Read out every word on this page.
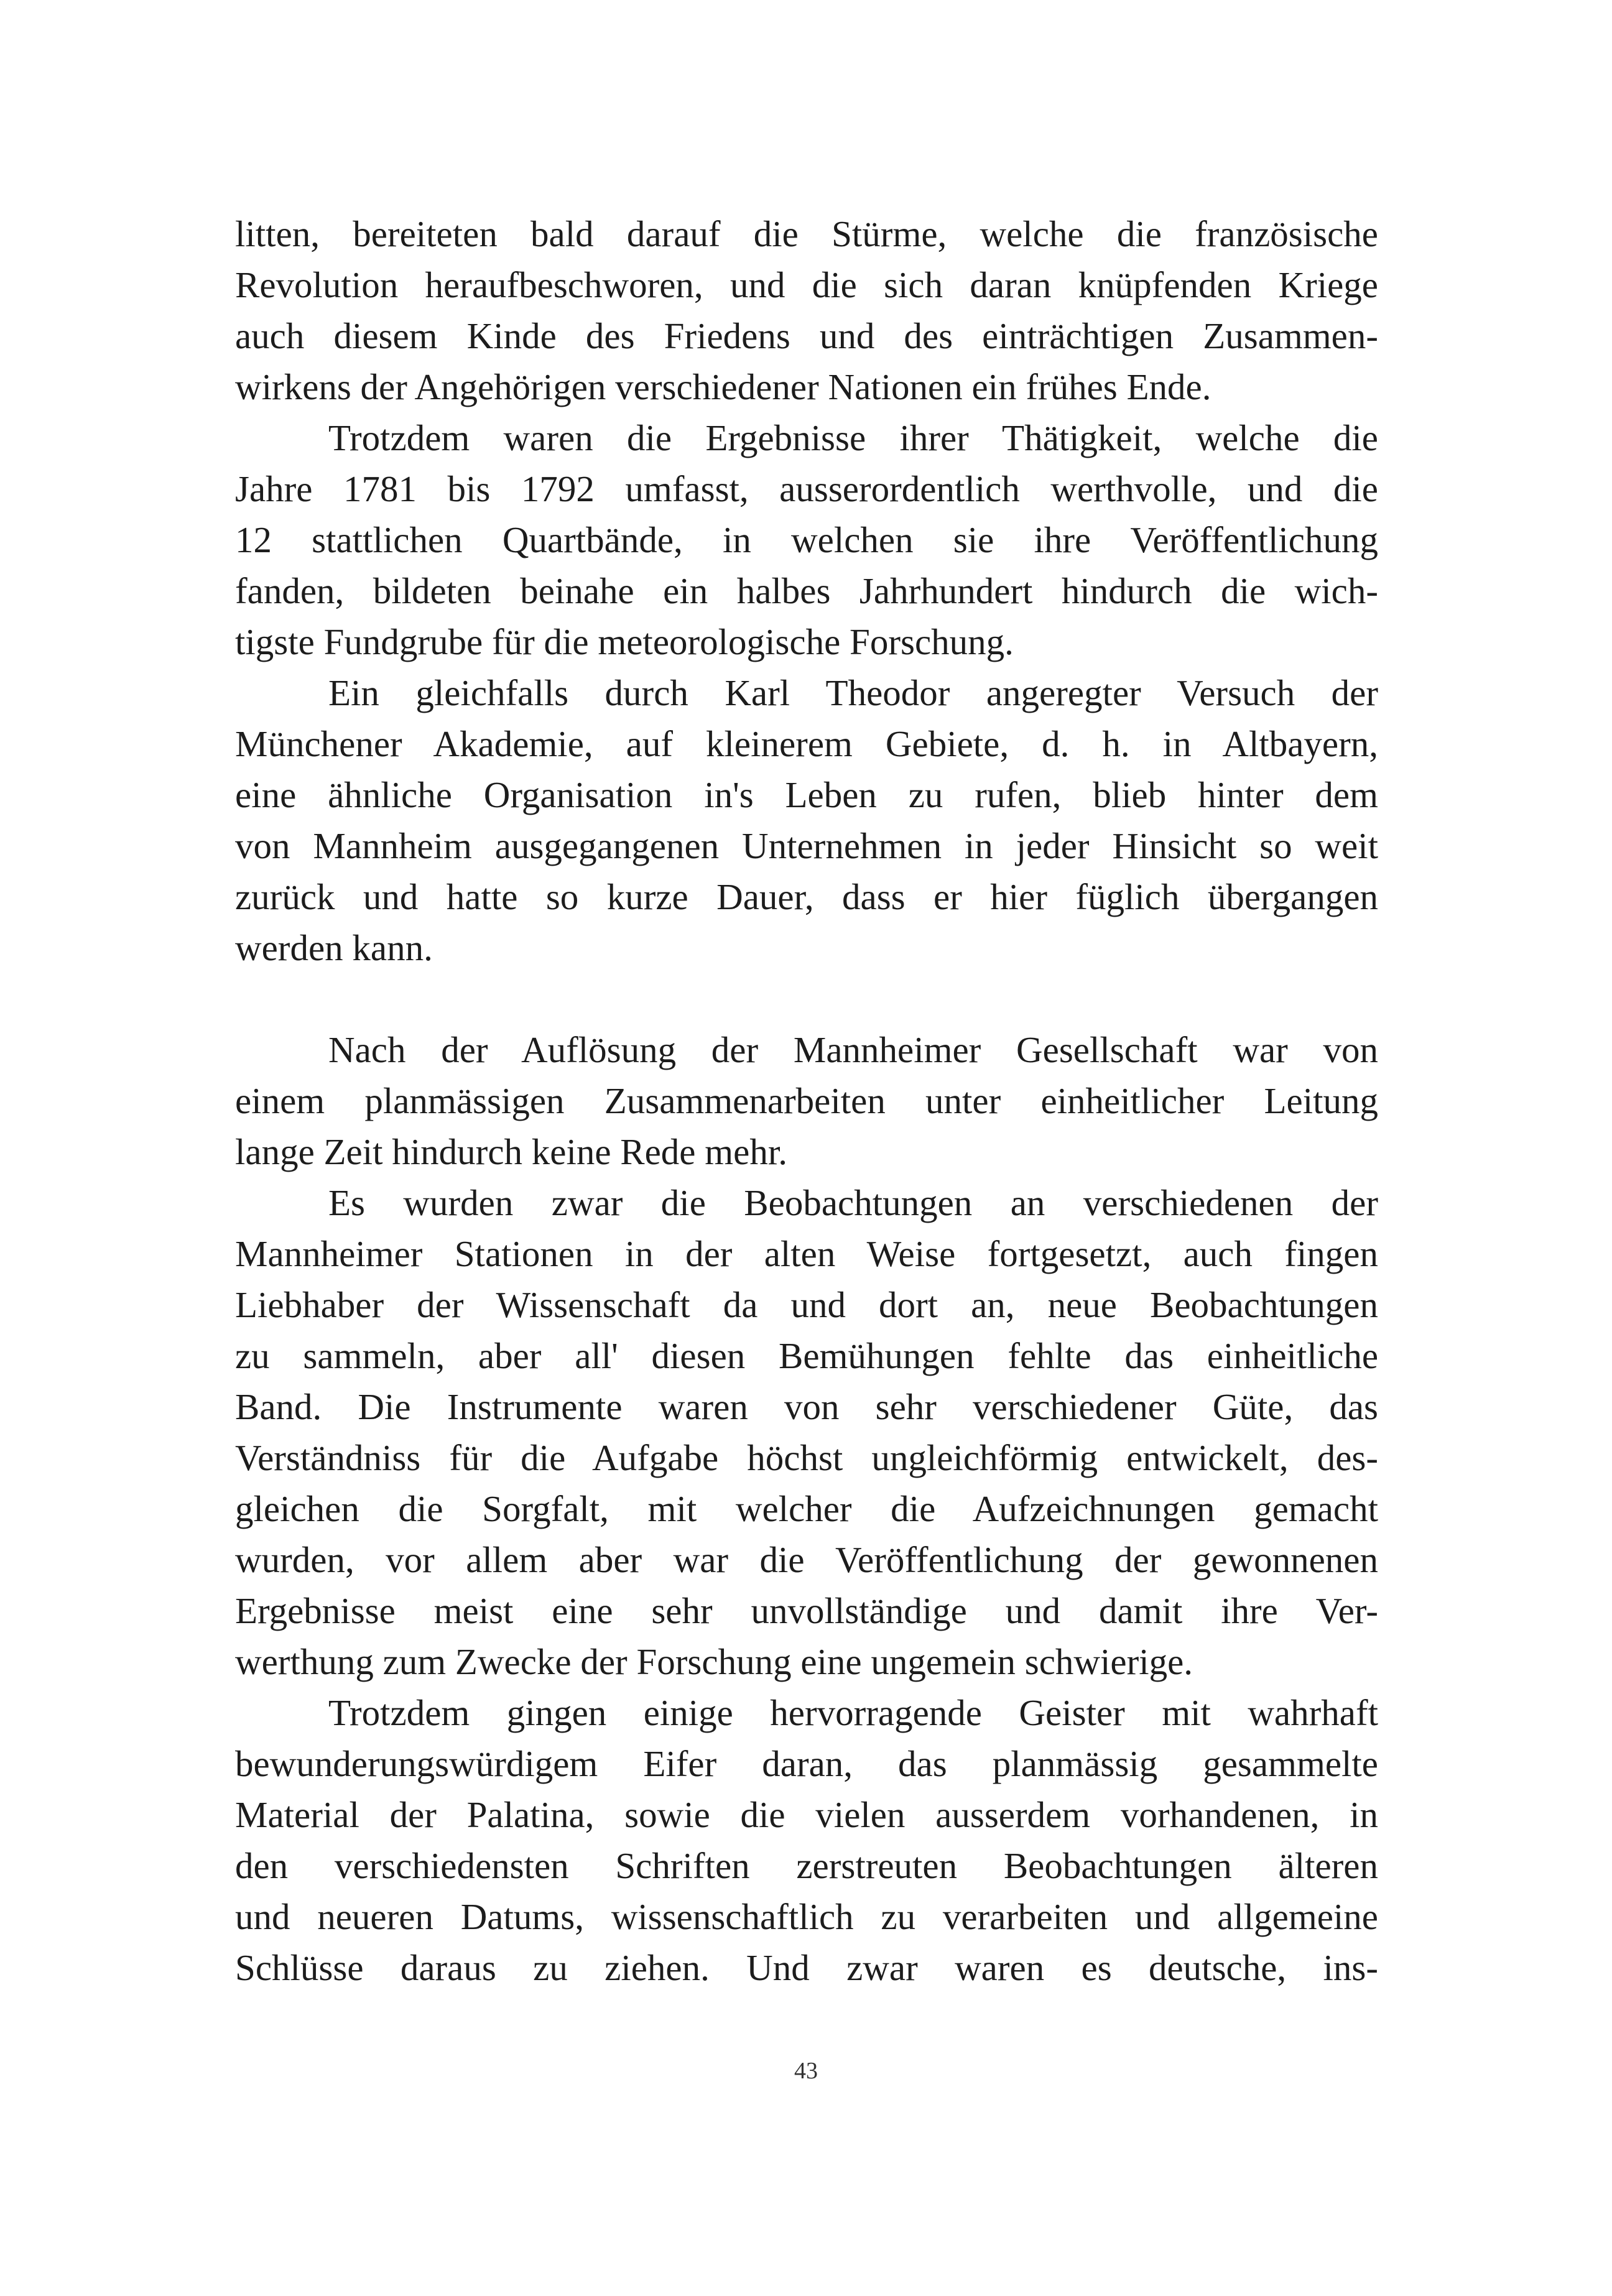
litten, bereiteten bald darauf die Stürme, welche die französische
Revolution heraufbeschworen, und die sich daran knüpfenden Kriege
auch diesem Kinde des Friedens und des einträchtigen Zusammen-
wirkens der Angehörigen verschiedener Nationen ein frühes Ende.
Trotzdem waren die Ergebnisse ihrer Thätigkeit, welche die
Jahre 1781 bis 1792 umfasst, ausserordentlich werthvolle, und die
12 stattlichen Quartbände, in welchen sie ihre Veröffentlichung
fanden, bildeten beinahe ein halbes Jahrhundert hindurch die wich-
tigste Fundgrube für die meteorologische Forschung.
Ein gleichfalls durch Karl Theodor angeregter Versuch der
Münchener Akademie, auf kleinerem Gebiete, d. h. in Altbayern,
eine ähnliche Organisation in's Leben zu rufen, blieb hinter dem
von Mannheim ausgegangenen Unternehmen in jeder Hinsicht so weit
zurück und hatte so kurze Dauer, dass er hier füglich übergangen
werden kann.
Nach der Auflösung der Mannheimer Gesellschaft war von
einem planmässigen Zusammenarbeiten unter einheitlicher Leitung
lange Zeit hindurch keine Rede mehr.
Es wurden zwar die Beobachtungen an verschiedenen der
Mannheimer Stationen in der alten Weise fortgesetzt, auch fingen
Liebhaber der Wissenschaft da und dort an, neue Beobachtungen
zu sammeln, aber all' diesen Bemühungen fehlte das einheitliche
Band. Die Instrumente waren von sehr verschiedener Güte, das
Verständniss für die Aufgabe höchst ungleichförmig entwickelt, des-
gleichen die Sorgfalt, mit welcher die Aufzeichnungen gemacht
wurden, vor allem aber war die Veröffentlichung der gewonnenen
Ergebnisse meist eine sehr unvollständige und damit ihre Ver-
werthung zum Zwecke der Forschung eine ungemein schwierige.
Trotzdem gingen einige hervorragende Geister mit wahrhaft
bewunderungswürdigem Eifer daran, das planmässig gesammelte
Material der Palatina, sowie die vielen ausserdem vorhandenen, in
den verschiedensten Schriften zerstreuten Beobachtungen älteren
und neueren Datums, wissenschaftlich zu verarbeiten und allgemeine
Schlüsse daraus zu ziehen. Und zwar waren es deutsche, ins-
43
